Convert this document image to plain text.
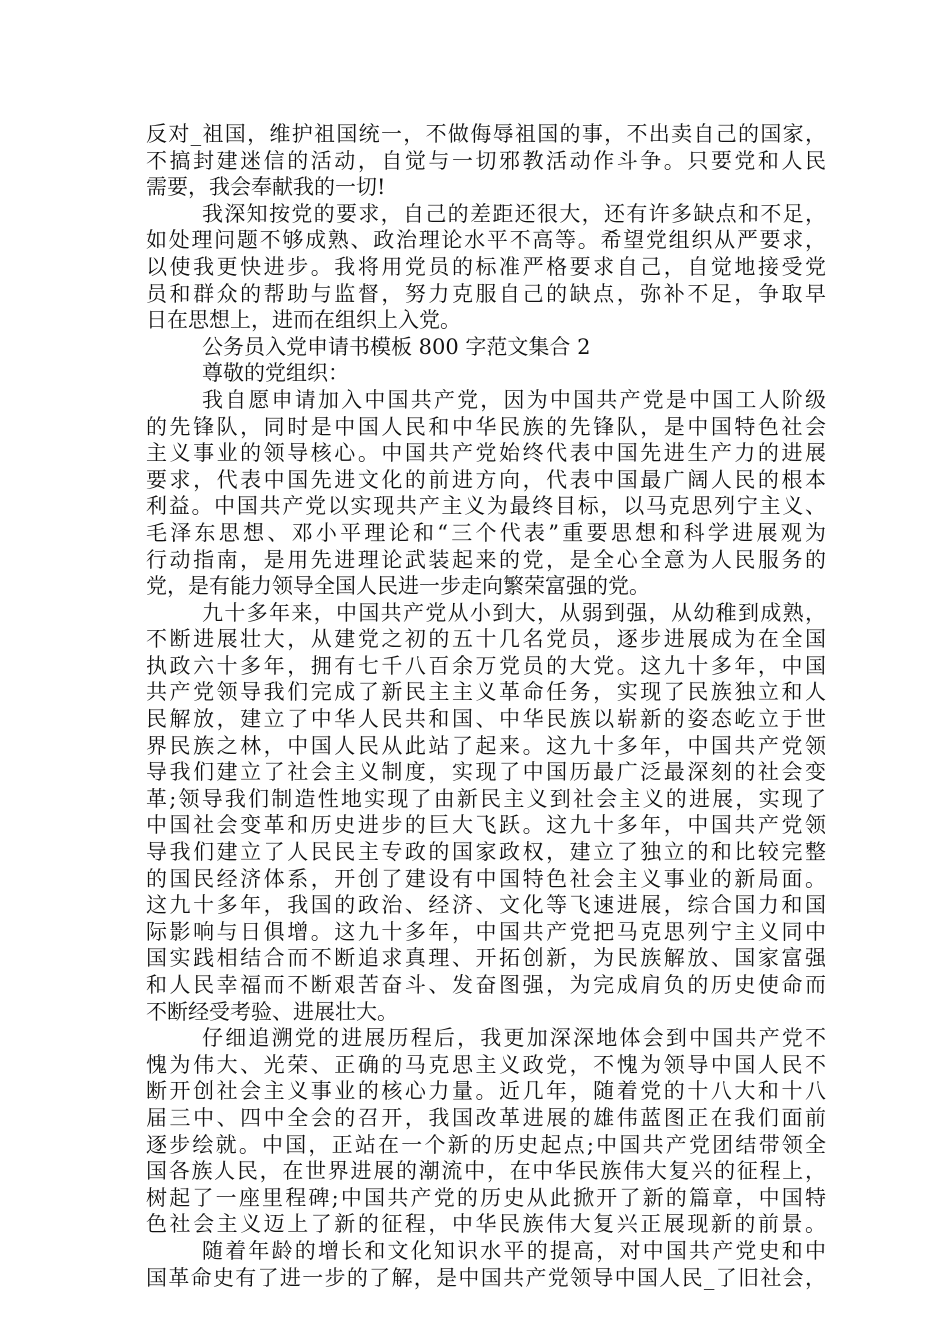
反对_祖国，维护祖国统一，不做侮辱祖国的事，不出卖自己的国家，
不搞封建迷信的活动，自觉与一切邪教活动作斗争。只要党和人民
需要，我会奉献我的一切!
我深知按党的要求，自己的差距还很大，还有许多缺点和不足，
如处理问题不够成熟、政治理论水平不高等。希望党组织从严要求，
以使我更快进步。我将用党员的标准严格要求自己，自觉地接受党
员和群众的帮助与监督，努力克服自己的缺点，弥补不足，争取早
日在思想上，进而在组织上入党。
公务员入党申请书模板 800 字范文集合 2
尊敬的党组织：
我自愿申请加入中国共产党，因为中国共产党是中国工人阶级
的先锋队，同时是中国人民和中华民族的先锋队，是中国特色社会
主义事业的领导核心。中国共产党始终代表中国先进生产力的进展
要求，代表中国先进文化的前进方向，代表中国最广阔人民的根本
利益。中国共产党以实现共产主义为最终目标，以马克思列宁主义、
毛泽东思想、邓小平理论和“三个代表”重要思想和科学进展观为
行动指南，是用先进理论武装起来的党，是全心全意为人民服务的
党，是有能力领导全国人民进一步走向繁荣富强的党。
九十多年来，中国共产党从小到大，从弱到强，从幼稚到成熟，
不断进展壮大，从建党之初的五十几名党员，逐步进展成为在全国
执政六十多年，拥有七千八百余万党员的大党。这九十多年，中国
共产党领导我们完成了新民主主义革命任务，实现了民族独立和人
民解放，建立了中华人民共和国、中华民族以崭新的姿态屹立于世
界民族之林，中国人民从此站了起来。这九十多年，中国共产党领
导我们建立了社会主义制度，实现了中国历最广泛最深刻的社会变
革;领导我们制造性地实现了由新民主义到社会主义的进展，实现了
中国社会变革和历史进步的巨大飞跃。这九十多年，中国共产党领
导我们建立了人民民主专政的国家政权，建立了独立的和比较完整
的国民经济体系，开创了建设有中国特色社会主义事业的新局面。
这九十多年，我国的政治、经济、文化等飞速进展，综合国力和国
际影响与日俱增。这九十多年，中国共产党把马克思列宁主义同中
国实践相结合而不断追求真理、开拓创新，为民族解放、国家富强
和人民幸福而不断艰苦奋斗、发奋图强，为完成肩负的历史使命而
不断经受考验、进展壮大。
仔细追溯党的进展历程后，我更加深深地体会到中国共产党不
愧为伟大、光荣、正确的马克思主义政党，不愧为领导中国人民不
断开创社会主义事业的核心力量。近几年，随着党的十八大和十八
届三中、四中全会的召开，我国改革进展的雄伟蓝图正在我们面前
逐步绘就。中国，正站在一个新的历史起点;中国共产党团结带领全
国各族人民，在世界进展的潮流中，在中华民族伟大复兴的征程上，
树起了一座里程碑;中国共产党的历史从此掀开了新的篇章，中国特
色社会主义迈上了新的征程，中华民族伟大复兴正展现新的前景。
随着年龄的增长和文化知识水平的提高，对中国共产党史和中
国革命史有了进一步的了解，是中国共产党领导中国人民_了旧社会，
